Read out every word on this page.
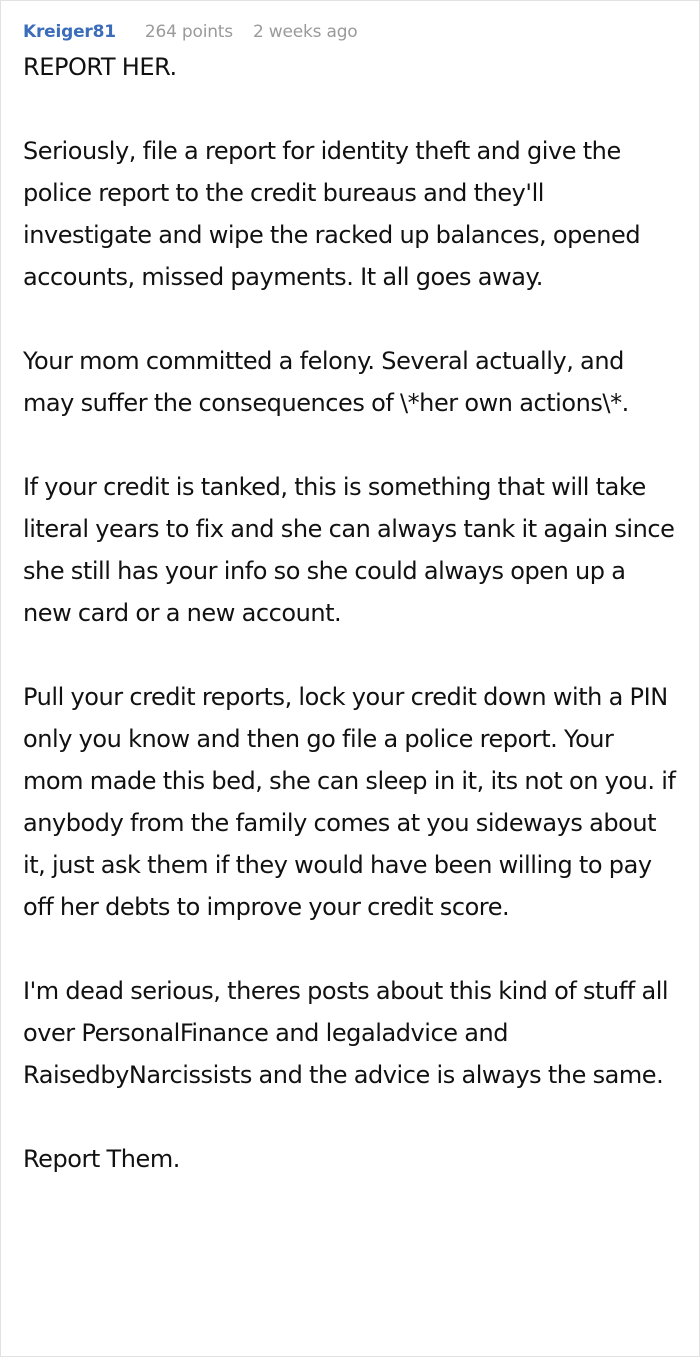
Kreiger81 264 points 2 weeks ago

REPORT HER.

Seriously, file a report for identity theft and give the police report to the credit bureaus and they'll investigate and wipe the racked up balances, opened accounts, missed payments. It all goes away.

Your mom committed a felony. Several actually, and may suffer the consequences of \*her own actions\*.

If your credit is tanked, this is something that will take literal years to fix and she can always tank it again since she still has your info so she could always open up a new card or a new account.

Pull your credit reports, lock your credit down with a PIN only you know and then go file a police report. Your mom made this bed, she can sleep in it, its not on you. if anybody from the family comes at you sideways about it, just ask them if they would have been willing to pay off her debts to improve your credit score.

I'm dead serious, theres posts about this kind of stuff all over PersonalFinance and legaladvice and RaisedbyNarcissists and the advice is always the same.

Report Them.
